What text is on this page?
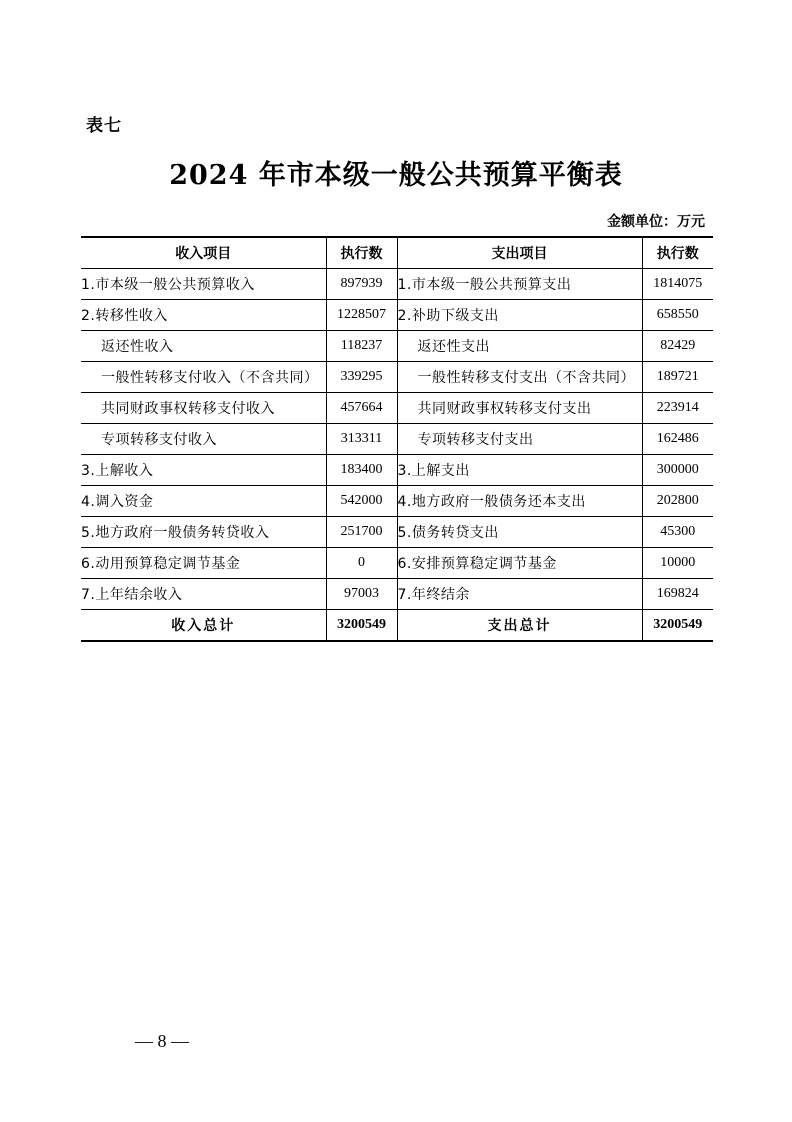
表七
2024 年市本级一般公共预算平衡表
金额单位：万元
收入项目	执行数	支出项目	执行数
1.市本级一般公共预算收入	897939	1.市本级一般公共预算支出	1814075
2.转移性收入	1228507	2.补助下级支出	658550
返还性收入	118237	返还性支出	82429
一般性转移支付收入（不含共同）	339295	一般性转移支付支出（不含共同）	189721
共同财政事权转移支付收入	457664	共同财政事权转移支付支出	223914
专项转移支付收入	313311	专项转移支付支出	162486
3.上解收入	183400	3.上解支出	300000
4.调入资金	542000	4.地方政府一般债务还本支出	202800
5.地方政府一般债务转贷收入	251700	5.债务转贷支出	45300
6.动用预算稳定调节基金	0	6.安排预算稳定调节基金	10000
7.上年结余收入	97003	7.年终结余	169824
收入总计	3200549	支出总计	3200549
— 8 —
